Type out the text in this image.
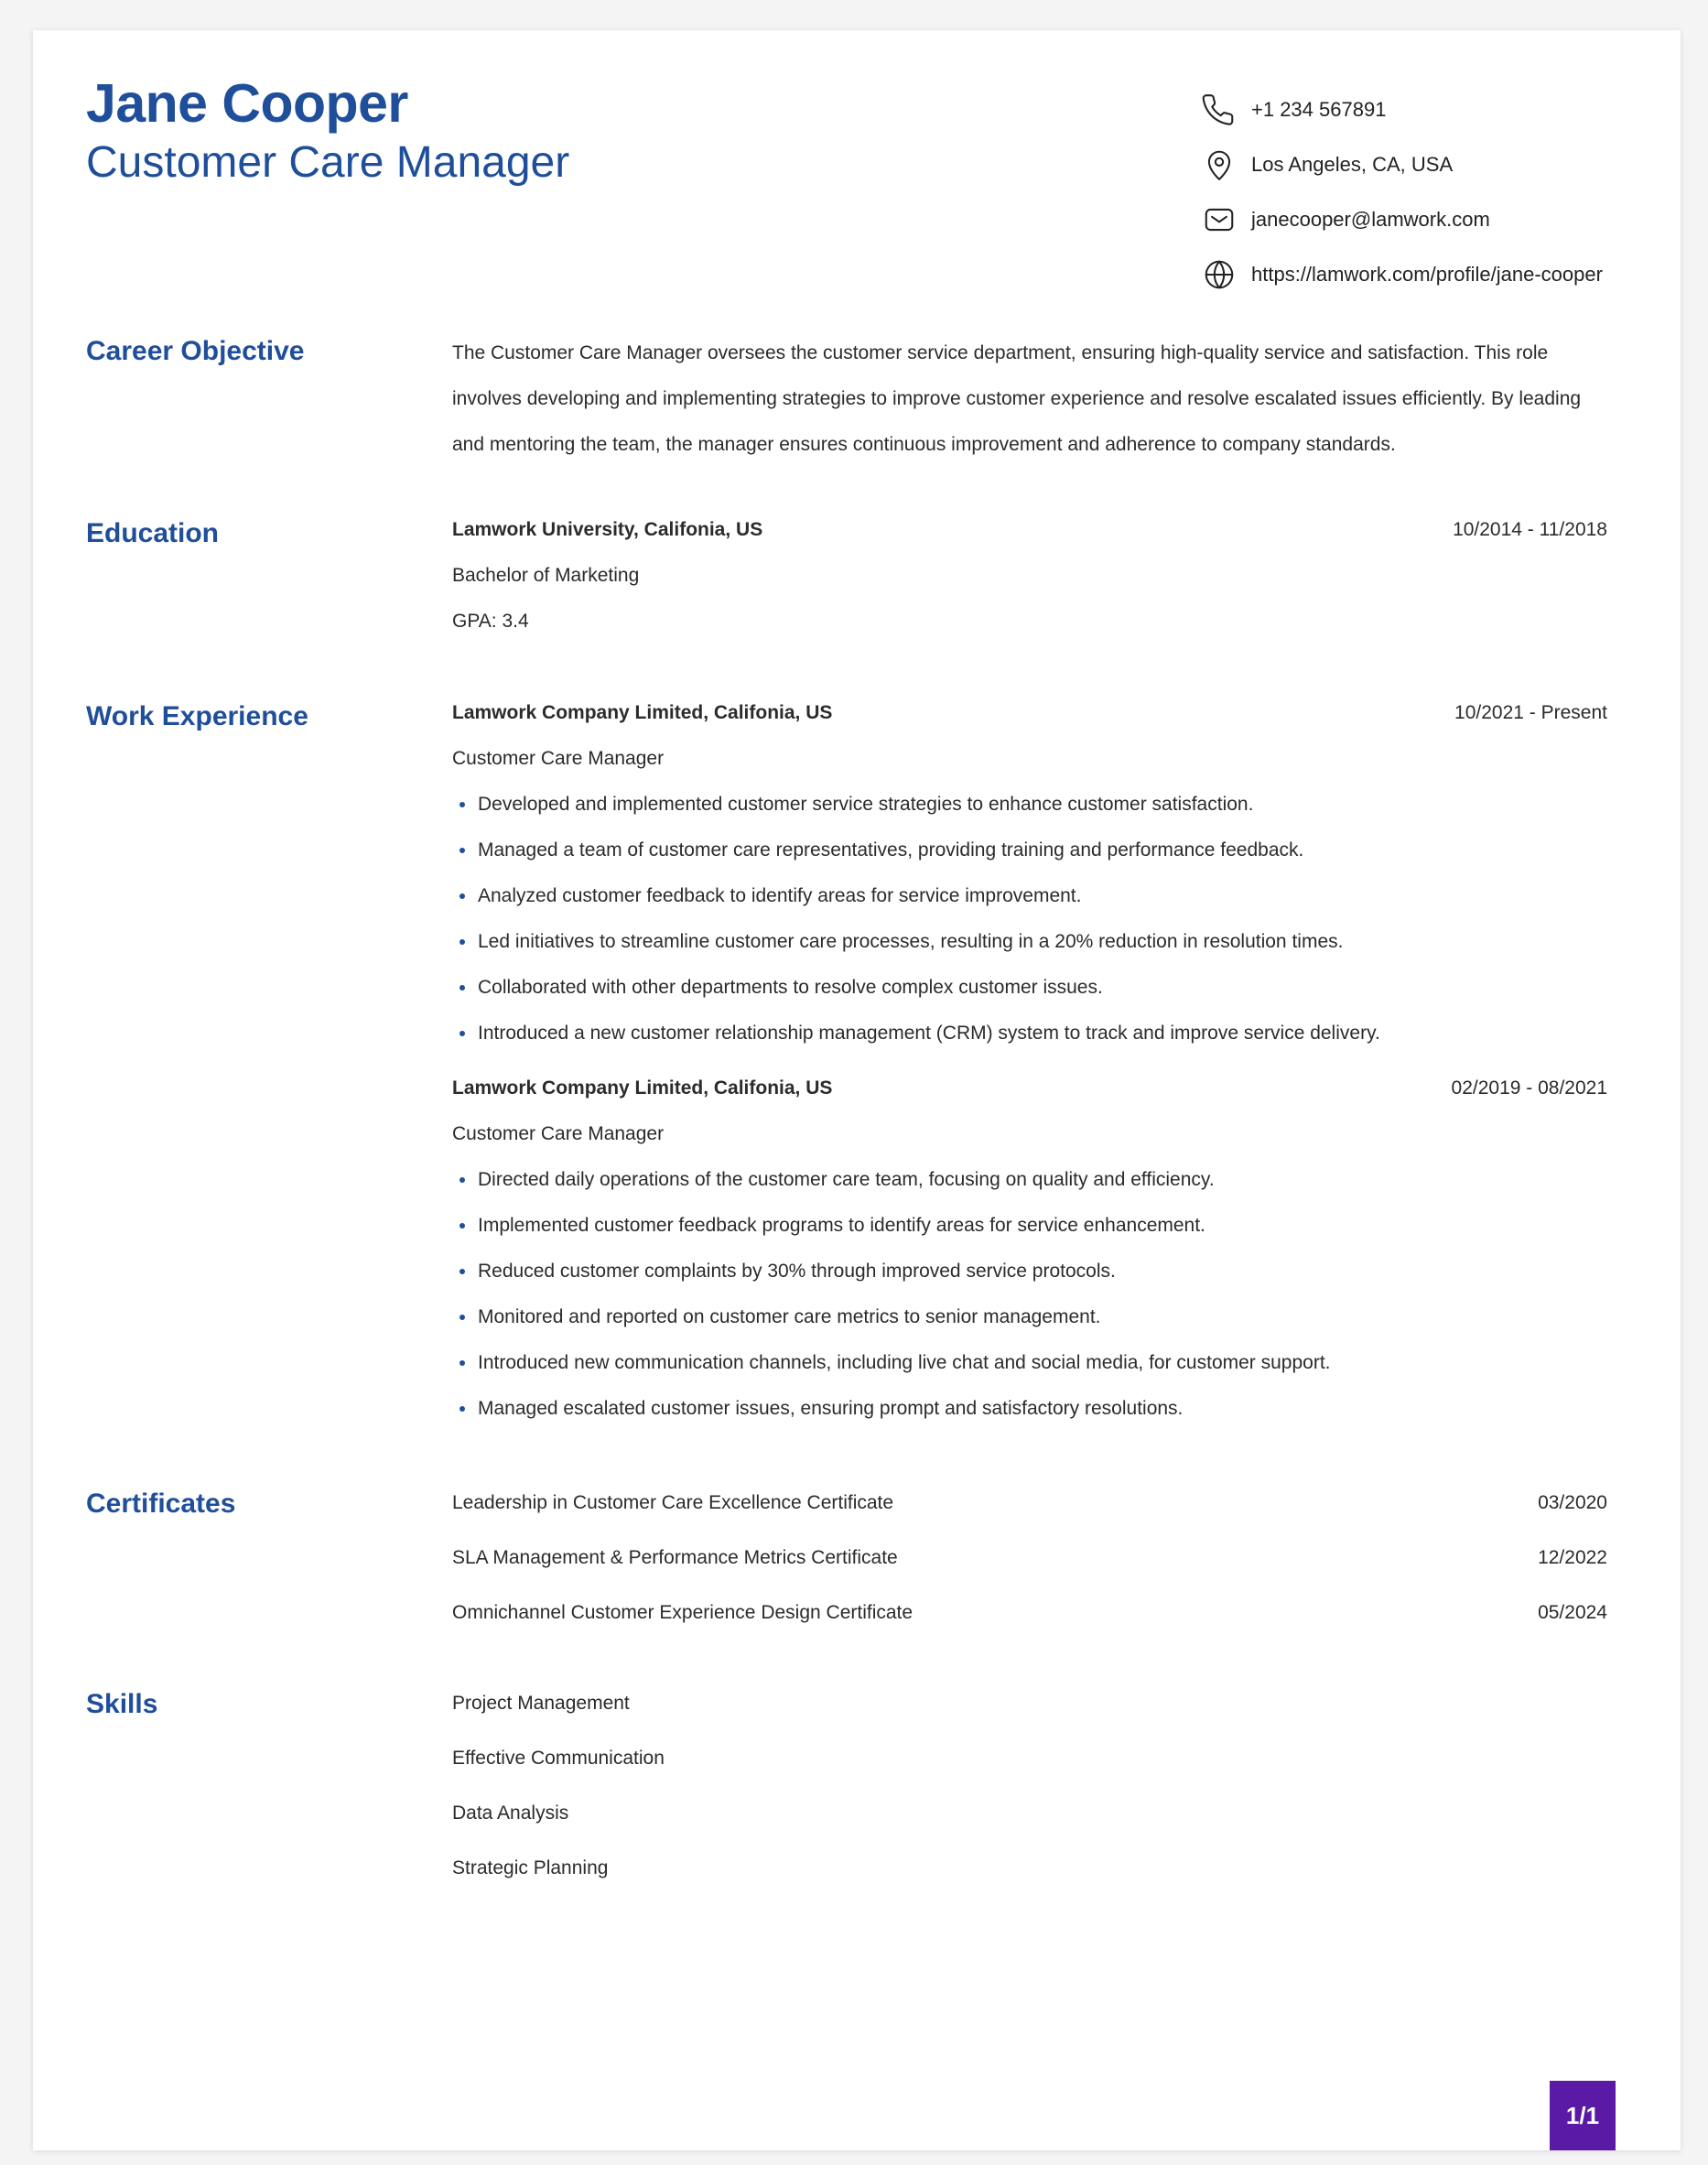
Jane Cooper
Customer Care Manager
+1 234 567891
Los Angeles, CA, USA
janecooper@lamwork.com
https://lamwork.com/profile/jane-cooper
Career Objective	The Customer Care Manager oversees the customer service department, ensuring high-quality service and satisfaction. This role involves developing and implementing strategies to improve customer experience and resolve escalated issues efficiently. By leading and mentoring the team, the manager ensures continuous improvement and adherence to company standards.
Education	Lamwork University, Califonia, US	10/2014 - 11/2018
Bachelor of Marketing
GPA: 3.4
Work Experience	Lamwork Company Limited, Califonia, US	10/2021 - Present
Customer Care Manager
Developed and implemented customer service strategies to enhance customer satisfaction.
Managed a team of customer care representatives, providing training and performance feedback.
Analyzed customer feedback to identify areas for service improvement.
Led initiatives to streamline customer care processes, resulting in a 20% reduction in resolution times.
Collaborated with other departments to resolve complex customer issues.
Introduced a new customer relationship management (CRM) system to track and improve service delivery.
Lamwork Company Limited, Califonia, US	02/2019 - 08/2021
Customer Care Manager
Directed daily operations of the customer care team, focusing on quality and efficiency.
Implemented customer feedback programs to identify areas for service enhancement.
Reduced customer complaints by 30% through improved service protocols.
Monitored and reported on customer care metrics to senior management.
Introduced new communication channels, including live chat and social media, for customer support.
Managed escalated customer issues, ensuring prompt and satisfactory resolutions.
Certificates	Leadership in Customer Care Excellence Certificate	03/2020
SLA Management & Performance Metrics Certificate	12/2022
Omnichannel Customer Experience Design Certificate	05/2024
Skills	Project Management
Effective Communication
Data Analysis
Strategic Planning
1/1
